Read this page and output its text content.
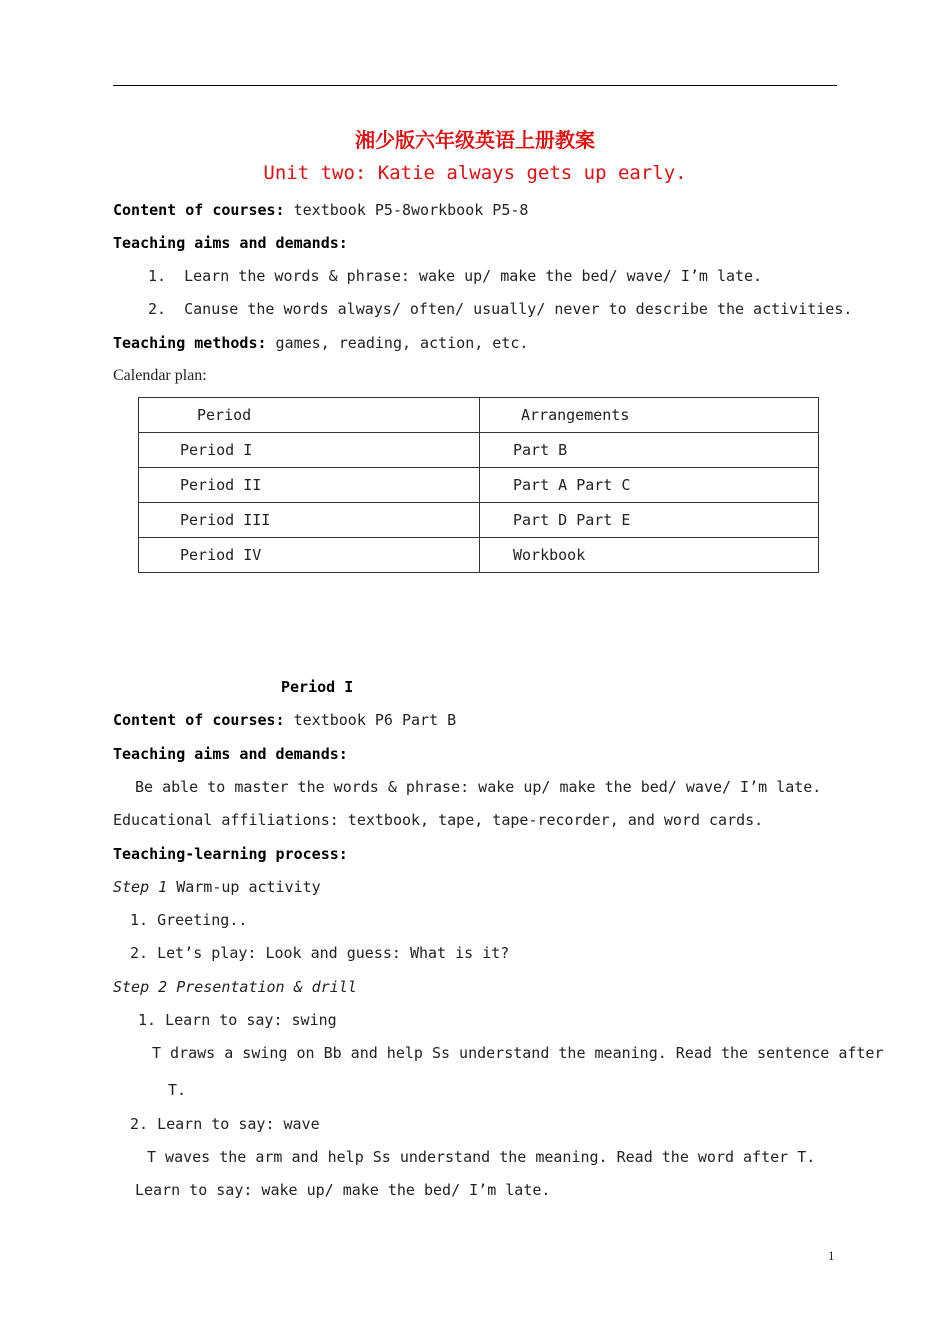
湘少版六年级英语上册教案
Unit two: Katie always gets up early.
Content of courses: textbook P5-8workbook P5-8
Teaching aims and demands:
1.  Learn the words & phrase: wake up/ make the bed/ wave/ I’m late.
2.  Canuse the words always/ often/ usually/ never to describe the activities.
Teaching methods: games, reading, action, etc.
Calendar plan:
Period	Arrangements
Period I	Part B
Period II	Part A Part C
Period III	Part D Part E
Period IV	Workbook
Period I
Content of courses: textbook P6 Part B
Teaching aims and demands:
Be able to master the words & phrase: wake up/ make the bed/ wave/ I’m late.
Educational affiliations: textbook, tape, tape-recorder, and word cards.
Teaching-learning process:
Step 1 Warm-up activity
1. Greeting..
2. Let’s play: Look and guess: What is it?
Step 2 Presentation & drill
1. Learn to say: swing
T draws a swing on Bb and help Ss understand the meaning. Read the sentence after
T.
2. Learn to say: wave
T waves the arm and help Ss understand the meaning. Read the word after T.
Learn to say: wake up/ make the bed/ I’m late.
1
